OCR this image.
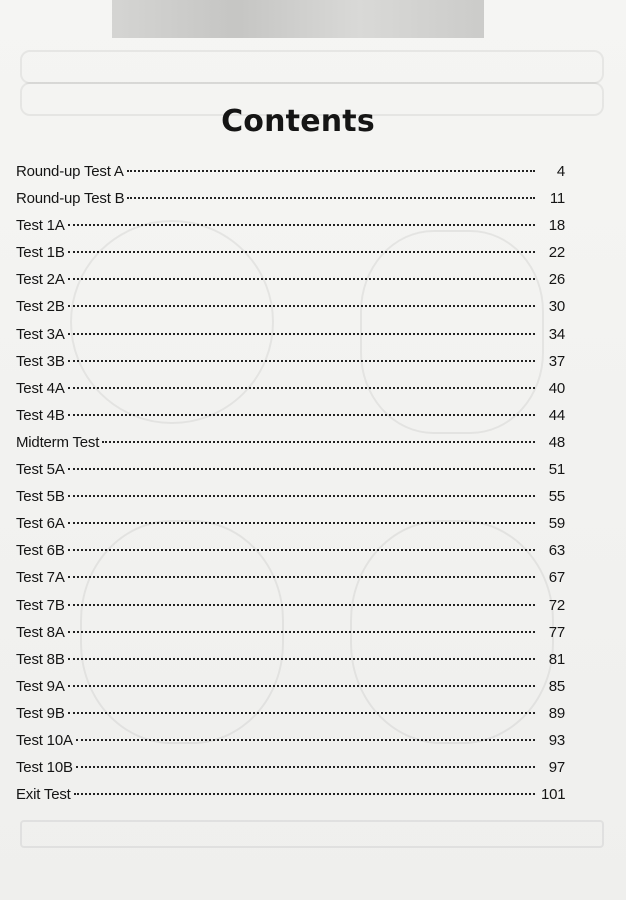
Contents
Round-up Test A	4
Round-up Test B	11
Test 1A	18
Test 1B	22
Test 2A	26
Test 2B	30
Test 3A	34
Test 3B	37
Test 4A	40
Test 4B	44
Midterm Test	48
Test 5A	51
Test 5B	55
Test 6A	59
Test 6B	63
Test 7A	67
Test 7B	72
Test 8A	77
Test 8B	81
Test 9A	85
Test 9B	89
Test 10A	93
Test 10B	97
Exit Test	101
